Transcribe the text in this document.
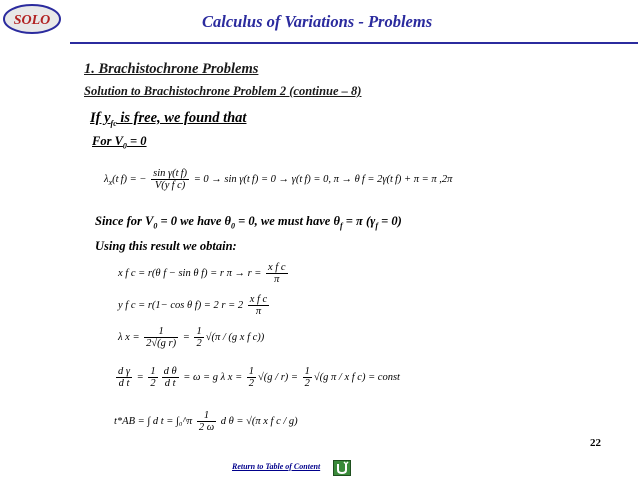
SOLO	Calculus of Variations - Problems
1. Brachistochrone Problems
Solution to Brachistochrone Problem 2 (continue – 8)
If $y_{fc}$ is free, we found that
For $V_0 = 0$
$\lambda_x(t$ f) = − $\frac{\text{sin γ(t f)}}{\text{V(y f c)}} = 0 \to \sin \gamma(t$ f) = 0 → γ(t f) = 0, π → θ f = 2γ(t f) + π = π ,2π
Since for $V_0 = 0$ we have $\theta_0 = 0$, we must have $\theta_f = \pi$ $(\gamma_f = 0)$
Using this result we obtain:
x f c = r(θ f − sin θ f) = r $\pi \to r = \frac{\text{x f c}}{\pi}$
y f c = r(1− cos θ f) = 2 $r = 2 \frac{\text{x f c}}{\pi}$
λ $x = \frac{1}{\text{2√(g r)}} = \frac{1}{2} √(\pi / (g$ x f c))
$\frac{\text{d γ}}{\text{d t}} = \frac{1}{2} \frac{\text{d θ}}{\text{d t}} = \omega = g$ λ $x = \frac{1}{2} √(g / r) = \frac{1}{2} √(g$ π / x f c) = const
t*AB = ∫ d t = ∫₀^π $\frac{1}{2 \omega}$ d θ = √(π x f c / g)
22
Return to Table of Content
